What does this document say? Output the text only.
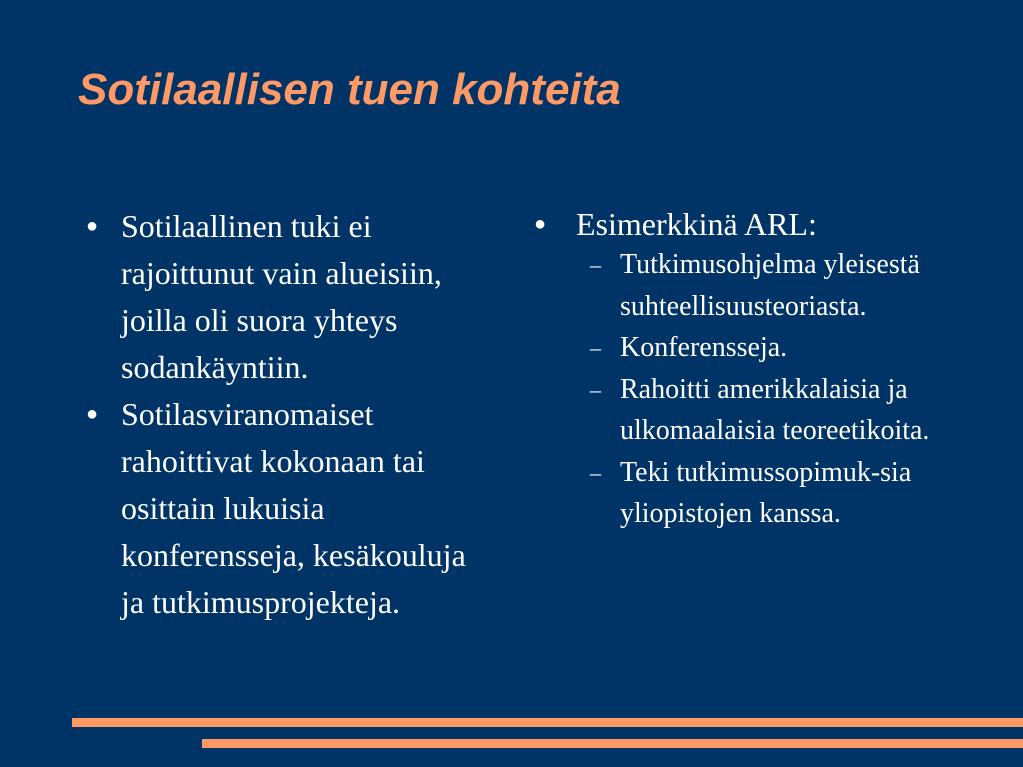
Sotilaallisen tuen kohteita
● Sotilaallinen tuki ei rajoittunut vain alueisiin, joilla oli suora yhteys sodankäyntiin.
● Sotilasviranomaiset rahoittivat kokonaan tai osittain lukuisia konferensseja, kesäkouluja ja tutkimusprojekteja.
● Esimerkkinä ARL:
– Tutkimusohjelma yleisestä suhteellisuusteoriasta.
– Konferensseja.
– Rahoitti amerikkalaisia ja ulkomaalaisia teoreetikoita.
– Teki tutkimussopimuk-sia yliopistojen kanssa.
